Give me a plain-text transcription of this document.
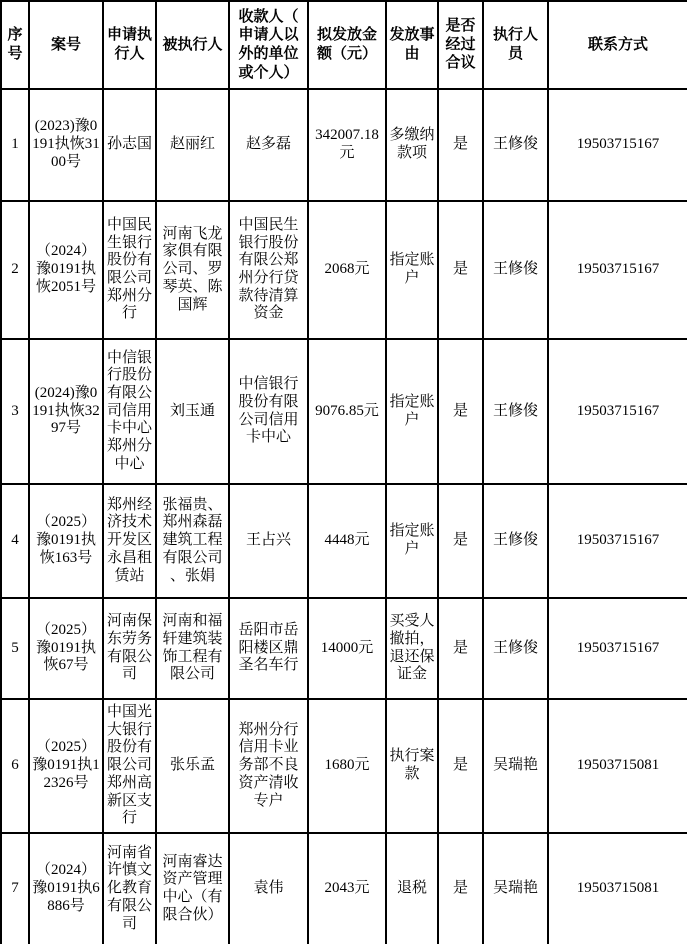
序号	案号	申请执行人	被执行人	收款人（申请人以外的单位或个人）	拟发放金额（元）	发放事由	是否经过合议	执行人员	联系方式
1	(2023)豫0191执恢3100号	孙志国	赵丽红	赵多磊	342007.18元	多缴纳款项	是	王修俊	19503715167
2	（2024）豫0191执恢2051号	中国民生银行股份有限公司郑州分行	河南飞龙家俱有限公司、罗琴英、陈国辉	中国民生银行股份有限公郑州分行贷款待清算资金	2068元	指定账户	是	王修俊	19503715167
3	(2024)豫0191执恢3297号	中信银行股份有限公司信用卡中心郑州分中心	刘玉通	中信银行股份有限公司信用卡中心	9076.85元	指定账户	是	王修俊	19503715167
4	（2025）豫0191执恢163号	郑州经济技术开发区永昌租赁站	张福贵、郑州森磊建筑工程有限公司、张娟	王占兴	4448元	指定账户	是	王修俊	19503715167
5	（2025）豫0191执恢67号	河南保东劳务有限公司	河南和福轩建筑装饰工程有限公司	岳阳市岳阳楼区鼎圣名车行	14000元	买受人撤拍，退还保证金	是	王修俊	19503715167
6	（2025）豫0191执12326号	中国光大银行股份有限公司郑州高新区支行	张乐孟	郑州分行信用卡业务部不良资产清收专户	1680元	执行案款	是	吴瑞艳	19503715081
7	（2024）豫0191执6886号	河南省许慎文化教育有限公司	河南睿达资产管理中心（有限合伙）	袁伟	2043元	退税	是	吴瑞艳	19503715081
